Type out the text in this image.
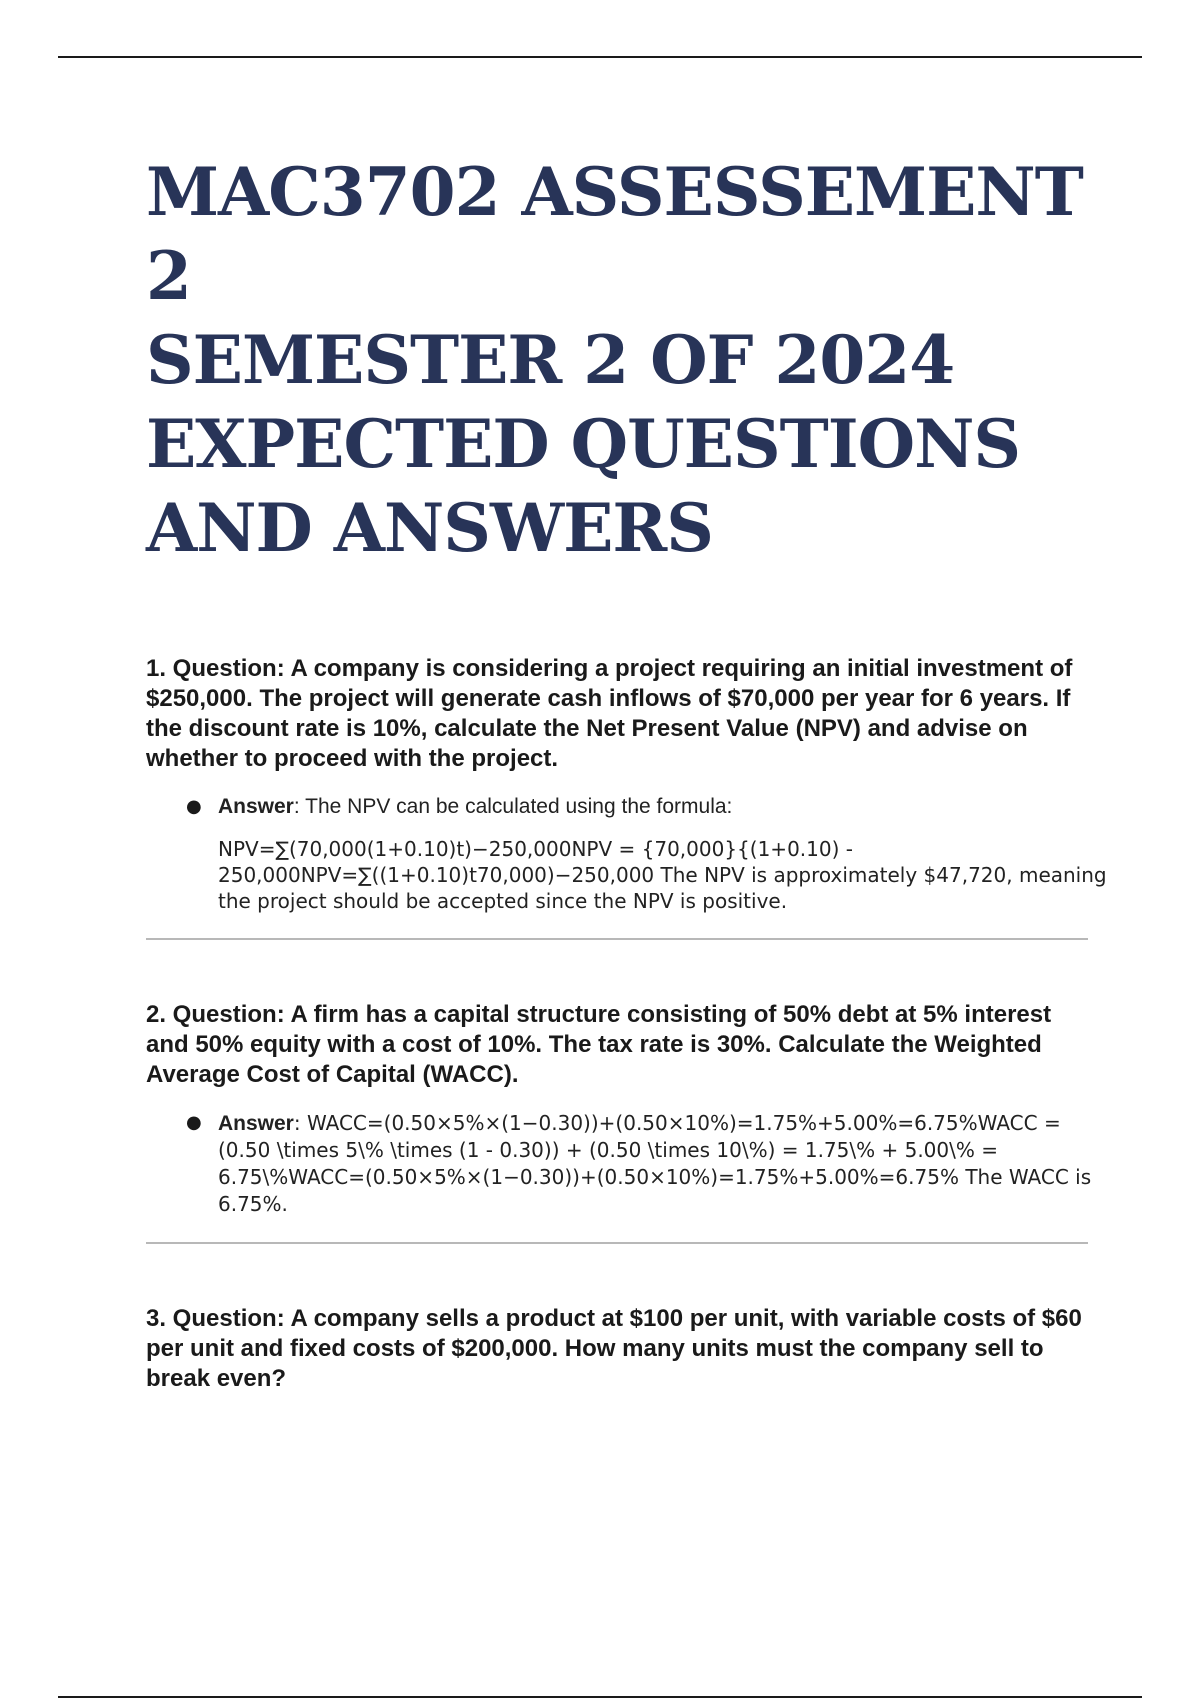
MAC3702 ASSESSEMENT 2
SEMESTER 2 OF 2024
EXPECTED QUESTIONS
AND ANSWERS

1. Question: A company is considering a project requiring an initial investment of $250,000. The project will generate cash inflows of $70,000 per year for 6 years. If the discount rate is 10%, calculate the Net Present Value (NPV) and advise on whether to proceed with the project.

● Answer: The NPV can be calculated using the formula:

NPV=∑(70,000(1+0.10)t)−250,000NPV = {70,000}{(1+0.10) - 250,000NPV=∑((1+0.10)t70,000)−250,000 The NPV is approximately $47,720, meaning the project should be accepted since the NPV is positive.

2. Question: A firm has a capital structure consisting of 50% debt at 5% interest and 50% equity with a cost of 10%. The tax rate is 30%. Calculate the Weighted Average Cost of Capital (WACC).

● Answer: WACC=(0.50×5%×(1−0.30))+(0.50×10%)=1.75%+5.00%=6.75%WACC = (0.50 \times 5\% \times (1 - 0.30)) + (0.50 \times 10\%) = 1.75\% + 5.00\% = 6.75\%WACC=(0.50×5%×(1−0.30))+(0.50×10%)=1.75%+5.00%=6.75% The WACC is 6.75%.

3. Question: A company sells a product at $100 per unit, with variable costs of $60 per unit and fixed costs of $200,000. How many units must the company sell to break even?
